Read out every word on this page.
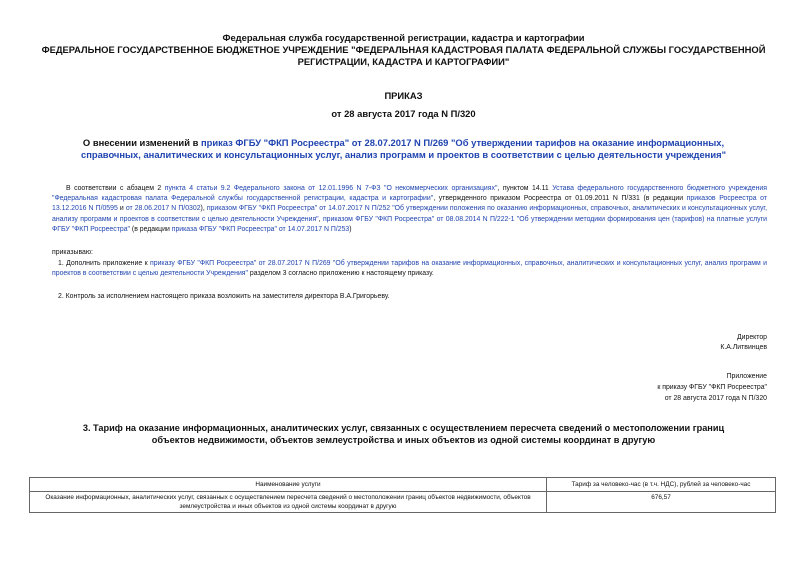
Федеральная служба государственной регистрации, кадастра и картографии

ФЕДЕРАЛЬНОЕ ГОСУДАРСТВЕННОЕ БЮДЖЕТНОЕ УЧРЕЖДЕНИЕ "ФЕДЕРАЛЬНАЯ КАДАСТРОВАЯ ПАЛАТА ФЕДЕРАЛЬНОЙ СЛУЖБЫ ГОСУДАРСТВЕННОЙ

РЕГИСТРАЦИИ, КАДАСТРА И КАРТОГРАФИИ"

ПРИКАЗ

от 28 августа 2017 года N П/320

О внесении изменений в приказ ФГБУ "ФКП Росреестра" от 28.07.2017 N П/269 "Об утверждении тарифов на оказание информационных, справочных, аналитических и консультационных услуг, анализ программ и проектов в соответствии с целью деятельности учреждения"

В соответствии с абзацем 2 пункта 4 статьи 9.2 Федерального закона от 12.01.1996 N 7-ФЗ "О некоммерческих организациях", пунктом 14.11 Устава федерального государственного бюджетного учреждения "Федеральная кадастровая палата Федеральной службы государственной регистрации, кадастра и картографии", утвержденного приказом Росреестра от 01.09.2011 N П/331 (в редакции приказов Росреестра от 13.12.2016 N П/0595 и от 28.06.2017 N П/0302), приказом ФГБУ "ФКП Росреестра" от 14.07.2017 N П/252 "Об утверждении положения по оказанию информационных, справочных, аналитических и консультационных услуг, анализу программ и проектов в соответствии с целью деятельности Учреждения", приказом ФГБУ "ФКП Росреестра" от 08.08.2014 N П/222-1 "Об утверждении методики формирования цен (тарифов) на платные услуги ФГБУ "ФКП Росреестра" (в редакции приказа ФГБУ "ФКП Росреестра" от 14.07.2017 N П/253)

приказываю:

1. Дополнить приложение к приказу ФГБУ "ФКП Росреестра" от 28.07.2017 N П/269 "Об утверждении тарифов на оказание информационных, справочных, аналитических и консультационных услуг, анализ программ и проектов в соответствии с целью деятельности Учреждения" разделом 3 согласно приложению к настоящему приказу.

2. Контроль за исполнением настоящего приказа возложить на заместителя директора В.А.Григорьеву.

Директор

К.А.Литвинцев

Приложение

к приказу ФГБУ "ФКП Росреестра"

от 28 августа 2017 года N П/320

3. Тариф на оказание информационных, аналитических услуг, связанных с осуществлением пересчета сведений о местоположении границ объектов недвижимости, объектов землеустройства и иных объектов из одной системы координат в другую

Наименование услуги	Тариф за человеко-час (в т.ч. НДС), рублей за человеко-час
Оказание информационных, аналитических услуг, связанных с осуществлением пересчета сведений о местоположении границ объектов недвижимости, объектов землеустройства и иных объектов из одной системы координат в другую	676,57
